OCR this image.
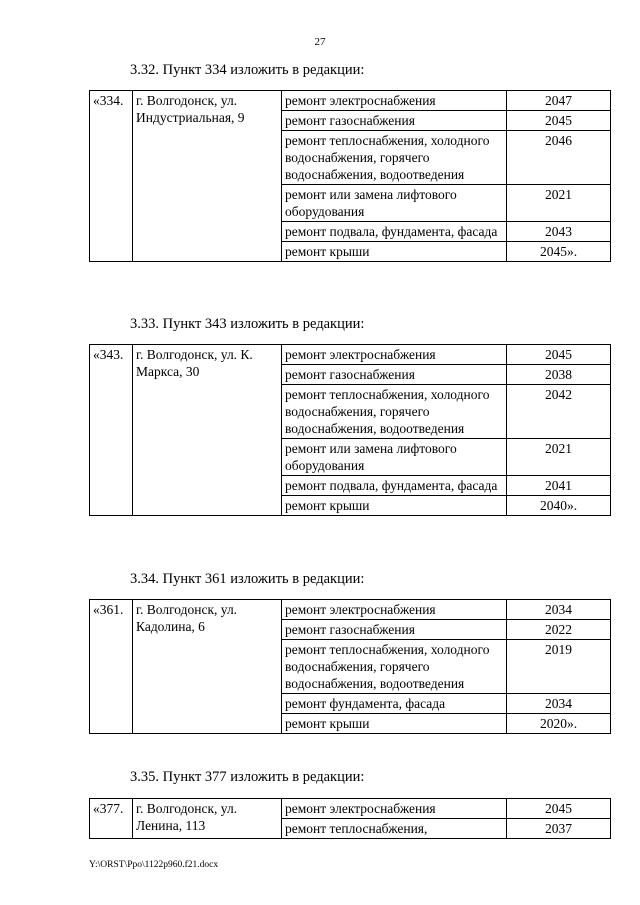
27
3.32. Пункт 334 изложить в редакции:
«334.	г. Волгодонск, ул. Индустриальная, 9	ремонт электроснабжения	2047
		ремонт газоснабжения	2045
		ремонт теплоснабжения, холодного водоснабжения, горячего водоснабжения, водоотведения	2046
		ремонт или замена лифтового оборудования	2021
		ремонт подвала, фундамента, фасада	2043
		ремонт крыши	2045».
3.33. Пункт 343 изложить в редакции:
«343.	г. Волгодонск, ул. К. Маркса, 30	ремонт электроснабжения	2045
		ремонт газоснабжения	2038
		ремонт теплоснабжения, холодного водоснабжения, горячего водоснабжения, водоотведения	2042
		ремонт или замена лифтового оборудования	2021
		ремонт подвала, фундамента, фасада	2041
		ремонт крыши	2040».
3.34. Пункт 361 изложить в редакции:
«361.	г. Волгодонск, ул. Кадолина, 6	ремонт электроснабжения	2034
		ремонт газоснабжения	2022
		ремонт теплоснабжения, холодного водоснабжения, горячего водоснабжения, водоотведения	2019
		ремонт фундамента, фасада	2034
		ремонт крыши	2020».
3.35. Пункт 377 изложить в редакции:
«377.	г. Волгодонск, ул. Ленина, 113	ремонт электроснабжения	2045
		ремонт теплоснабжения,	2037
Y:\ORST\Ppo\1122p960.f21.docx
